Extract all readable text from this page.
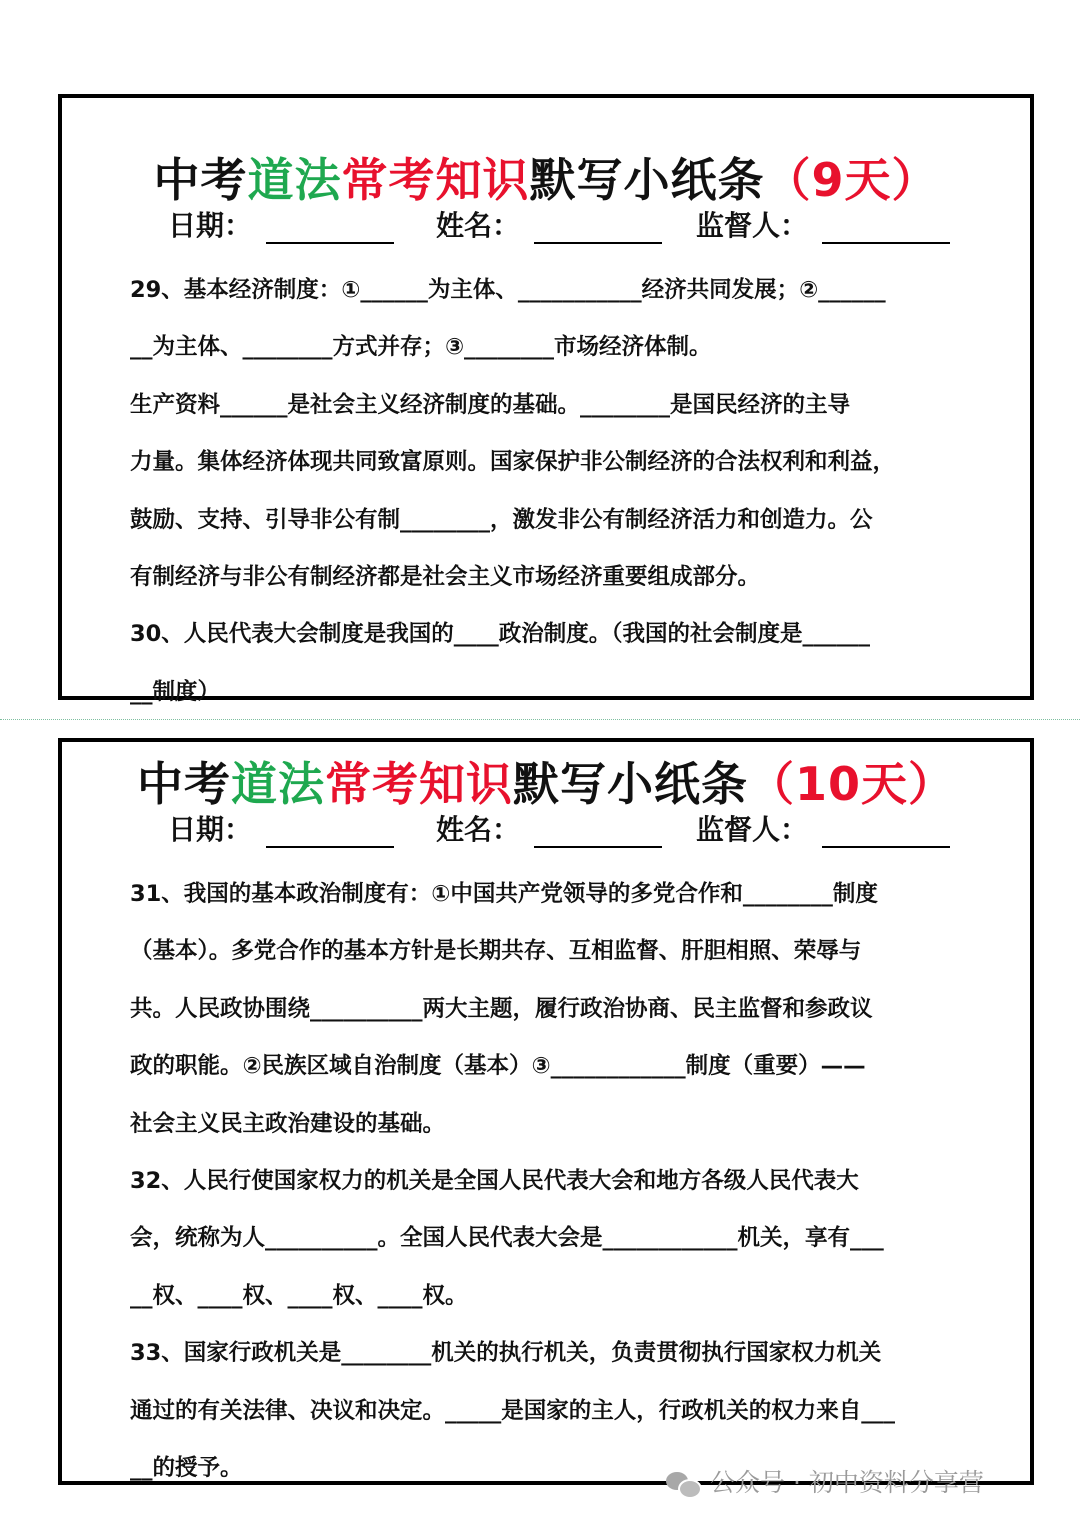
中考道法常考知识默写小纸条（9天）
日期：	姓名：	监督人：
29、基本经济制度：①______为主体、___________经济共同发展；②______
__为主体、________方式并存；③________市场经济体制。
生产资料______是社会主义经济制度的基础。________是国民经济的主导
力量。集体经济体现共同致富原则。国家保护非公制经济的合法权利和利益，
鼓励、支持、引导非公有制________，激发非公有制经济活力和创造力。公
有制经济与非公有制经济都是社会主义市场经济重要组成部分。
30、人民代表大会制度是我国的____政治制度。（我国的社会制度是______
__制度）
中考道法常考知识默写小纸条（10天）
日期：	姓名：	监督人：
31、我国的基本政治制度有：①中国共产党领导的多党合作和________制度
（基本）。多党合作的基本方针是长期共存、互相监督、肝胆相照、荣辱与
共。人民政协围绕__________两大主题，履行政治协商、民主监督和参政议
政的职能。②民族区域自治制度（基本）③____________制度（重要）——
社会主义民主政治建设的基础。
32、人民行使国家权力的机关是全国人民代表大会和地方各级人民代表大
会，统称为人__________。全国人民代表大会是____________机关，享有___
__权、____权、____权、____权。
33、国家行政机关是________机关的执行机关，负责贯彻执行国家权力机关
通过的有关法律、决议和决定。_____是国家的主人，行政机关的权力来自___
__的授予。
公众号 · 初中资料分享营
